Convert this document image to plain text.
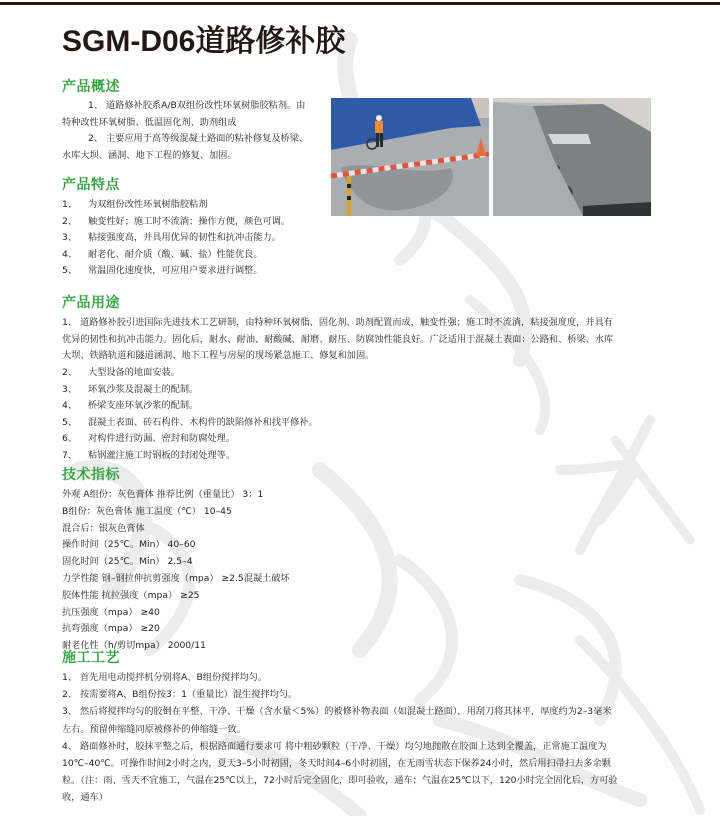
SGM-D06道路修补胶
产品概述
1、 道路修补胶系A/B双组份改性环氧树脂胶粘剂。由
特种改性环氧树脂、低温固化剂、助剂组成
2、 主要应用于高等级混凝土路面的粘补修复及桥梁、
水库大坝、涵洞、地下工程的修复、加固。
产品特点
1、 为双组份改性环氧树脂胶粘剂
2、 触变性好；施工时不流淌；操作方便，颜色可调。
3、 粘接强度高，并具用优异的韧性和抗冲击能力。
4、 耐老化、耐介质（酸、碱、盐）性能优良。
5、 常温固化速度快，可应用户要求进行调整。
产品用途
1、 道路修补胶引进国际先进技术工艺研制，由特种环氧树脂、固化剂、助剂配置而成，触变性强；施工时不流淌，粘接强度度，并具有
优异的韧性和抗冲击能力。固化后，耐水、耐油、耐酸碱、耐磨、耐压、防腐蚀性能良好。广泛适用于混凝土表面：公路和、桥梁、水库
大坝、铁路轨道和隧道涵洞、地下工程与房屋的现场紧急施工、修复和加固。
2、 大型设备的地面安装。
3、 环氧沙浆及混凝土的配制。
4、 桥梁支座环氧沙浆的配制。
5、 混凝土表面、砖石构件、木构件的缺陷修补和找平修补。
6、 对构件进行防漏、密封和防腐处理。
7、 粘钢灌注施工时钢板的封闭处理等。
技术指标
外观 A组份：灰色膏体 推荐比例（重量比） 3：1
B组份：灰色膏体 施工温度（℃） 10–45
混合后：银灰色膏体
操作时间（25℃。Min） 40–60
固化时间（25℃。Min） 2.5–4
力学性能 钢–钢拉伸抗剪强度（mpa） ≥2.5混凝土破坏
胶体性能 抗拉强度（mpa） ≥25
抗压强度（mpa） ≥40
抗弯强度（mpa） ≥20
耐老化性（h/剪切mpa） 2000/11
施工工艺
1、 首先用电动搅拌机分别将A、B组份搅拌均匀。
2、 按需要将A、B组份按3：1（重量比）混生搅拌均匀。
3、 然后将搅拌均匀的胶倒在平整、干净、干燥（含水量＜5%）的被修补物表面（如混凝土路面），用刮刀将其抹平，厚度约为2–3毫米
左右。预留伸缩缝同原被修补的伸缩缝一致。
4、 路面修补时，胶抹平整之后，根据路面通行要求可 将中粗砂颗粒（干净、干燥）均匀地抛散在胶面上达到全覆盖，正常施工温度为
10℃–40℃。可操作时间2小时之内，夏天3–5小时初固，冬天时间4–6小时初固，在无雨雪状态下保养24小时，然后用扫帚扫去多余颗
粒。（注：雨、雪天不宜施工，气温在25℃以上，72小时后完全固化，即可验收，通车；气温在25℃以下，120小时完全固化后，方可验
收，通车）
